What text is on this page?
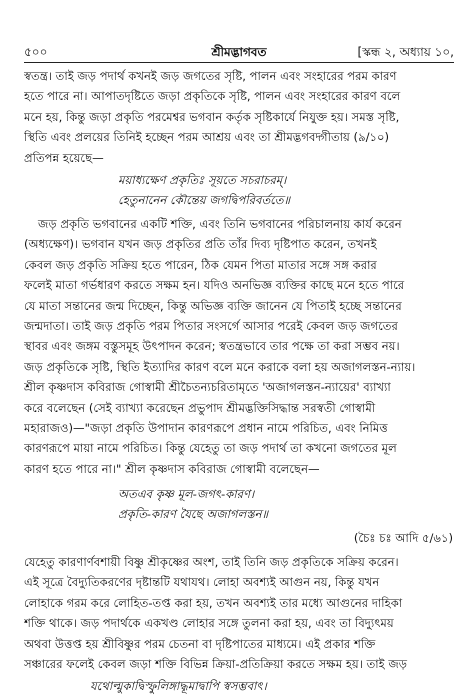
৫০০	শ্রীমদ্ভাগবত	[স্কন্ধ ২, অধ্যায় ১০,

স্বতন্ত্র। তাই জড় পদার্থ কখনই জড় জগতের সৃষ্টি, পালন এবং সংহারের পরম কারণ
হতে পারে না। আপাতদৃষ্টিতে জড়া প্রকৃতিকে সৃষ্টি, পালন এবং সংহারের কারণ বলে
মনে হয়, কিন্তু জড়া প্রকৃতি পরমেশ্বর ভগবান কর্তৃক সৃষ্টিকার্যে নিযুক্ত হয়। সমস্ত সৃষ্টি,
স্থিতি এবং প্রলয়ের তিনিই হচ্ছেন পরম আশ্রয় এবং তা শ্রীমদ্ভগবদ্গীতায় (৯/১০)
প্রতিপন্ন হয়েছে—

ময়াধ্যক্ষেণ প্রকৃতিঃ সূয়তে সচরাচরম্।
হেতুনানেন কৌন্তেয় জগদ্বিপরিবর্ততে॥

জড় প্রকৃতি ভগবানের একটি শক্তি, এবং তিনি ভগবানের পরিচালনায় কার্য করেন
(অধ্যক্ষেণ)। ভগবান যখন জড় প্রকৃতির প্রতি তাঁর দিব্য দৃষ্টিপাত করেন, তখনই
কেবল জড় প্রকৃতি সক্রিয় হতে পারেন, ঠিক যেমন পিতা মাতার সঙ্গে সঙ্গ করার
ফলেই মাতা গর্ভধারণ করতে সক্ষম হন। যদিও অনভিজ্ঞ ব্যক্তির কাছে মনে হতে পারে
যে মাতা সন্তানের জন্ম দিচ্ছেন, কিন্তু অভিজ্ঞ ব্যক্তি জানেন যে পিতাই হচ্ছে সন্তানের
জন্মদাতা। তাই জড় প্রকৃতি পরম পিতার সংসর্গে আসার পরেই কেবল জড় জগতের
স্থাবর এবং জঙ্গম বস্তুসমূহ উৎপাদন করেন; স্বতন্ত্রভাবে তার পক্ষে তা করা সম্ভব নয়।
জড় প্রকৃতিকে সৃষ্টি, স্থিতি ইত্যাদির কারণ বলে মনে করাকে বলা হয় অজাগলস্তন-ন্যায়।
শ্রীল কৃষ্ণদাস কবিরাজ গোস্বামী শ্রীচৈতন্যচরিতামৃতে 'অজাগলস্তন-ন্যায়ের' ব্যাখ্যা
করে বলেছেন (সেই ব্যাখ্যা করেছেন প্রভুপাদ শ্রীমদ্ভক্তিসিদ্ধান্ত সরস্বতী গোস্বামী
মহারাজও)—"জড়া প্রকৃতি উপাদান কারণরূপে প্রধান নামে পরিচিত, এবং নিমিত্ত
কারণরূপে মায়া নামে পরিচিত। কিন্তু যেহেতু তা জড় পদার্থ তা কখনো জগতের মূল
কারণ হতে পারে না।" শ্রীল কৃষ্ণদাস কবিরাজ গোস্বামী বলেছেন—

অতএব কৃষ্ণ মূল-জগৎ-কারণ।
প্রকৃতি-কারণ যৈছে অজাগলস্তন॥

(চৈঃ চঃ আদি ৫/৬১)

যেহেতু কারণার্ণবশায়ী বিষ্ণু শ্রীকৃষ্ণের অংশ, তাই তিনি জড় প্রকৃতিকে সক্রিয় করেন।
এই সূত্রে বৈদ্যুতিকরণের দৃষ্টান্তটি যথাযথ। লোহা অবশ্যই আগুন নয়, কিন্তু যখন
লোহাকে গরম করে লোহিত-তপ্ত করা হয়, তখন অবশ্যই তার মধ্যে আগুনের দাহিকা
শক্তি থাকে। জড় পদার্থকে একখণ্ড লোহার সঙ্গে তুলনা করা হয়, এবং তা বিদ্যুৎময়
অথবা উত্তপ্ত হয় শ্রীবিষ্ণুর পরম চেতনা বা দৃষ্টিপাতের মাধ্যমে। এই প্রকার শক্তি

সঞ্চারের ফলেই কেবল জড়া শক্তি বিভিন্ন ক্রিয়া-প্রতিক্রিয়া করতে সক্ষম হয়। তাই জড়

যথোল্মুকাদ্বিস্ফুলিঙ্গাদ্ধূমাদ্বাপি স্বসম্ভবাৎ।
